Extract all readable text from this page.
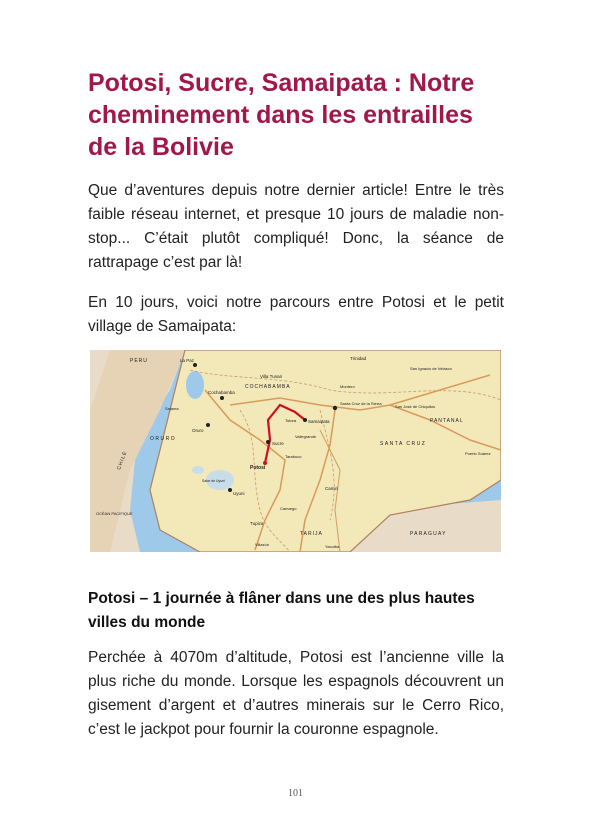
Potosi, Sucre, Samaipata : Notre cheminement dans les entrailles de la Bolivie

Que d’aventures depuis notre dernier article! Entre le très faible réseau internet, et presque 10 jours de maladie non-stop... C’était plutôt compliqué! Donc, la séance de rattrapage c’est par là!

En 10 jours, voici notre parcours entre Potosi et le petit village de Samaipata:

COCHABAMBA
ORURO
SANTA CRUZ
PANTANAL
PARAGUAY
TARIJA
CHILE
PERU
OCÉAN PACIFIQUE
Potosí
Sucre
Samaipata
Santa Cruz de la Sierra
Cochabamba
Oruro
Uyuni
Tupiza
Villa Tunari
San José de Chiquitos
Puerto Suárez
Trinidad
La Paz
Camiri
Montero
San Ignacio de Velasco
Sajama
Tarabuco
Vallegrande
Salar de Uyuni
Yacuiba
Villazón
Camargo
Totora
Potosi – 1 journée à flâner dans une des plus hautes villes du monde

Perchée à 4070m d’altitude, Potosi est l’ancienne ville la plus riche du monde. Lorsque les espagnols découvrent un gisement d’argent et d’autres minerais sur le Cerro Rico, c’est le jackpot pour fournir la couronne espagnole.

101
